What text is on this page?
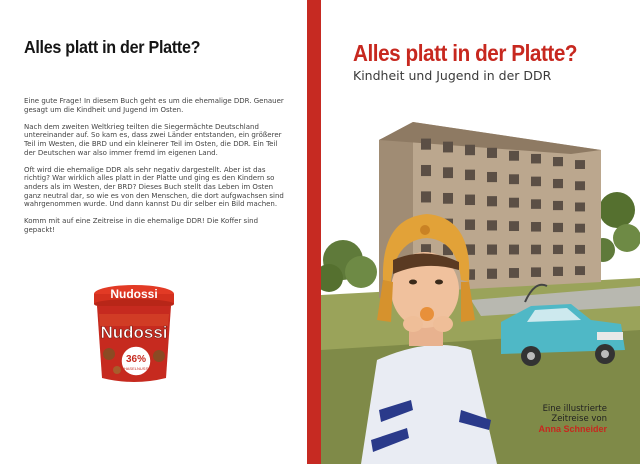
Alles platt in der Platte?

Eine gute Frage! In diesem Buch geht es um die ehemalige DDR. Genauer gesagt um die Kindheit und Jugend im Osten.

Nach dem zweiten Weltkrieg teilten die Siegermächte Deutschland untereinander auf. So kam es, dass zwei Länder entstanden, ein größerer Teil im Westen, die BRD und ein kleinerer Teil im Osten, die DDR. Ein Teil der Deutschen war also immer fremd im eigenen Land.

Oft wird die ehemalige DDR als sehr negativ dargestellt. Aber ist das richtig? War wirklich alles platt in der Platte und ging es den Kindern so anders als im Westen, der BRD? Dieses Buch stellt das Leben im Osten ganz neutral dar, so wie es von den Menschen, die dort aufgwachsen sind wahrgenommen wurde. Und dann kannst Du dir selber ein Bild machen.

Komm mit auf eine Zeitreise in die ehemalige DDR! Die Koffer sind gepackt!

36%
HASELNUSS
Nudossi
Nudossi
Alles platt in der Platte?
Kindheit und Jugend in der DDR
Eine illustrierte
Zeitreise von
Anna Schneider
